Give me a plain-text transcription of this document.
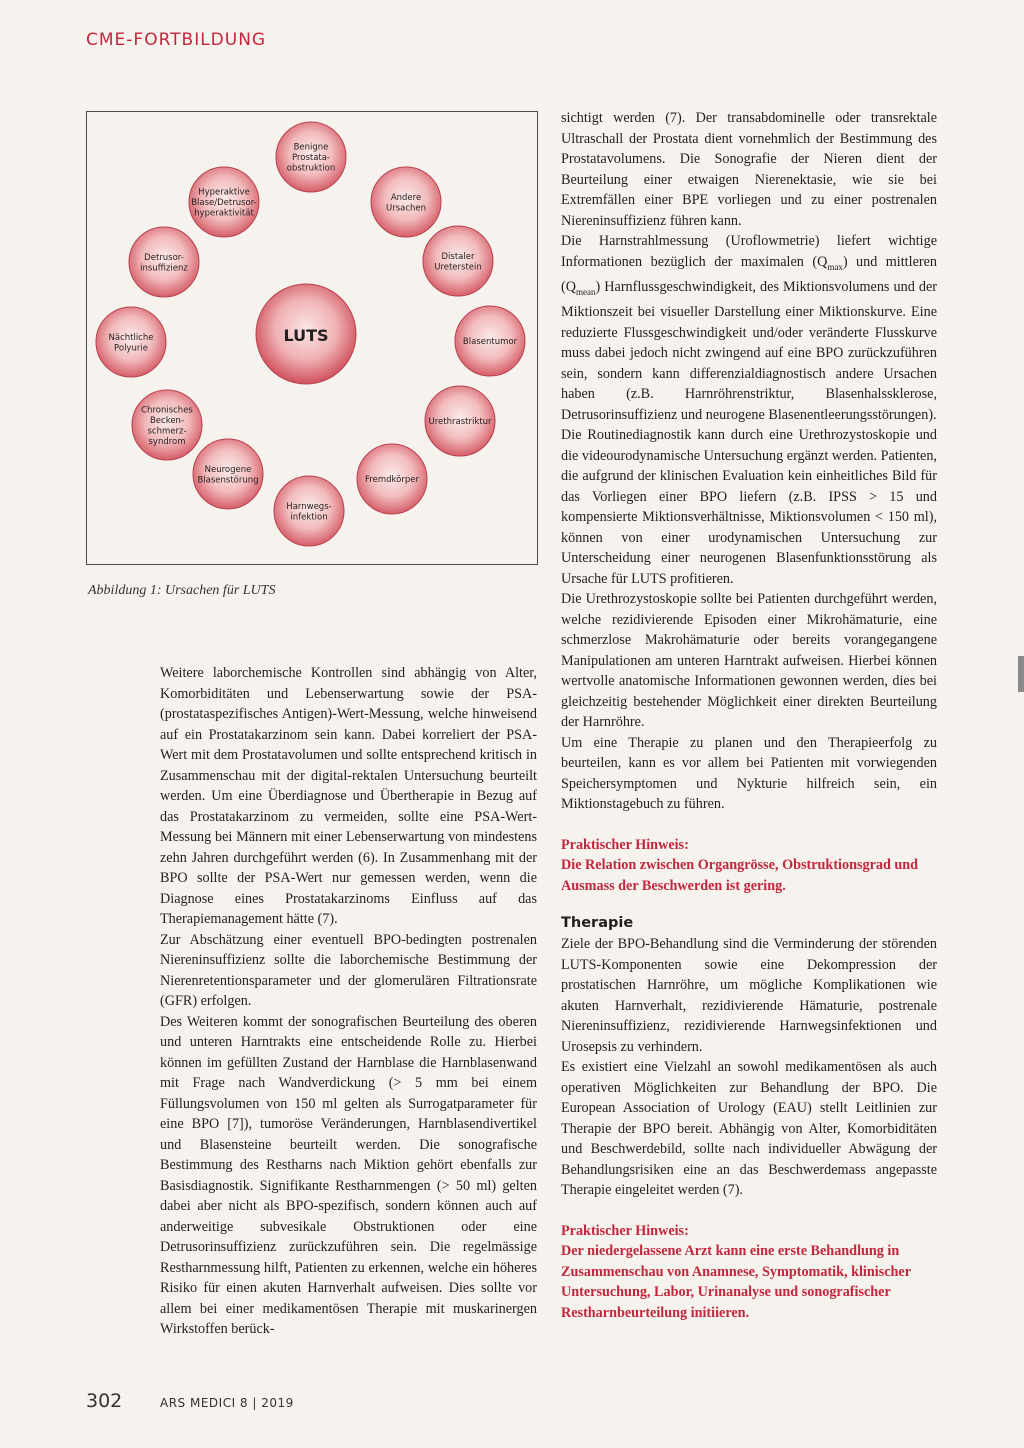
CME-FORTBILDUNG
LUTS
Benigne Prostata-obstruktion
Andere Ursachen
Distaler Ureterstein
Blasentumor
Urethrastriktur
Fremdkörper
Harnwegs-infektion
Neurogene Blasenstörung
Chronisches Becken-schmerz-syndrom
Nächtliche Polyurie
Detrusor-insuffizienz
Hyperaktive Blase/Detrusor-hyperaktivität
Abbildung 1: Ursachen für LUTS

Weitere laborchemische Kontrollen sind abhängig von Alter, Komorbiditäten und Lebenserwartung sowie der PSA-(prostataspezifisches Antigen)-Wert-Messung, welche hinweisend auf ein Prostatakarzinom sein kann. Dabei korreliert der PSA-Wert mit dem Prostatavolumen und sollte entsprechend kritisch in Zusammenschau mit der digital-rektalen Untersuchung beurteilt werden. Um eine Überdiagnose und Übertherapie in Bezug auf das Prostatakarzinom zu vermeiden, sollte eine PSA-Wert-Messung bei Männern mit einer Lebenserwartung von mindestens zehn Jahren durchgeführt werden (6). In Zusammenhang mit der BPO sollte der PSA-Wert nur gemessen werden, wenn die Diagnose eines Prostatakarzinoms Einfluss auf das Therapiemanagement hätte (7).

Zur Abschätzung einer eventuell BPO-bedingten postrenalen Niereninsuffizienz sollte die laborchemische Bestimmung der Nierenretentionsparameter und der glomerulären Filtrationsrate (GFR) erfolgen.

Des Weiteren kommt der sonografischen Beurteilung des oberen und unteren Harntrakts eine entscheidende Rolle zu. Hierbei können im gefüllten Zustand der Harnblase die Harnblasenwand mit Frage nach Wandverdickung (> 5 mm bei einem Füllungsvolumen von 150 ml gelten als Surrogatparameter für eine BPO [7]), tumoröse Veränderungen, Harnblasendivertikel und Blasensteine beurteilt werden. Die sonografische Bestimmung des Restharns nach Miktion gehört ebenfalls zur Basisdiagnostik. Signifikante Restharnmengen (> 50 ml) gelten dabei aber nicht als BPO-spezifisch, sondern können auch auf anderweitige subvesikale Obstruktionen oder eine Detrusorinsuffizienz zurückzuführen sein. Die regelmässige Restharnmessung hilft, Patienten zu erkennen, welche ein höheres Risiko für einen akuten Harnverhalt aufweisen. Dies sollte vor allem bei einer medikamentösen Therapie mit muskarinergen Wirkstoffen berück-

sichtigt werden (7). Der transabdominelle oder transrektale Ultraschall der Prostata dient vornehmlich der Bestimmung des Prostatavolumens. Die Sonografie der Nieren dient der Beurteilung einer etwaigen Nierenektasie, wie sie bei Extremfällen einer BPE vorliegen und zu einer postrenalen Niereninsuffizienz führen kann.

Die Harnstrahlmessung (Uroflowmetrie) liefert wichtige Informationen bezüglich der maximalen $(Q_{max})$ und mittleren $(Q_{mean})$ Harnflussgeschwindigkeit, des Miktionsvolumens und der Miktionszeit bei visueller Darstellung einer Miktionskurve. Eine reduzierte Flussgeschwindigkeit und/oder veränderte Flusskurve muss dabei jedoch nicht zwingend auf eine BPO zurückzuführen sein, sondern kann differenzialdiagnostisch andere Ursachen haben (z.B. Harnröhrenstriktur, Blasenhalssklerose, Detrusorinsuffizienz und neurogene Blasenentleerungsstörungen).

Die Routinediagnostik kann durch eine Urethrozystoskopie und die videourodynamische Untersuchung ergänzt werden. Patienten, die aufgrund der klinischen Evaluation kein einheitliches Bild für das Vorliegen einer BPO liefern (z.B. IPSS > 15 und kompensierte Miktionsverhältnisse, Miktionsvolumen < 150 ml), können von einer urodynamischen Untersuchung zur Unterscheidung einer neurogenen Blasenfunktionsstörung als Ursache für LUTS profitieren.

Die Urethrozystoskopie sollte bei Patienten durchgeführt werden, welche rezidivierende Episoden einer Mikrohämaturie, eine schmerzlose Makrohämaturie oder bereits vorangegangene Manipulationen am unteren Harntrakt aufweisen. Hierbei können wertvolle anatomische Informationen gewonnen werden, dies bei gleichzeitig bestehender Möglichkeit einer direkten Beurteilung der Harnröhre.

Um eine Therapie zu planen und den Therapieerfolg zu beurteilen, kann es vor allem bei Patienten mit vorwiegenden Speichersymptomen und Nykturie hilfreich sein, ein Miktionstagebuch zu führen.

Praktischer Hinweis:
Die Relation zwischen Organgrösse, Obstruktionsgrad und Ausmass der Beschwerden ist gering.

Therapie

Ziele der BPO-Behandlung sind die Verminderung der störenden LUTS-Komponenten sowie eine Dekompression der prostatischen Harnröhre, um mögliche Komplikationen wie akuten Harnverhalt, rezidivierende Hämaturie, postrenale Niereninsuffizienz, rezidivierende Harnwegsinfektionen und Urosepsis zu verhindern.

Es existiert eine Vielzahl an sowohl medikamentösen als auch operativen Möglichkeiten zur Behandlung der BPO. Die European Association of Urology (EAU) stellt Leitlinien zur Therapie der BPO bereit. Abhängig von Alter, Komorbiditäten und Beschwerdebild, sollte nach individueller Abwägung der Behandlungsrisiken eine an das Beschwerdemass angepasste Therapie eingeleitet werden (7).

Praktischer Hinweis:
Der niedergelassene Arzt kann eine erste Behandlung in Zusammenschau von Anamnese, Symptomatik, klinischer Untersuchung, Labor, Urinanalyse und sonografischer Restharnbeurteilung initiieren.

302	ARS MEDICI 8 | 2019
